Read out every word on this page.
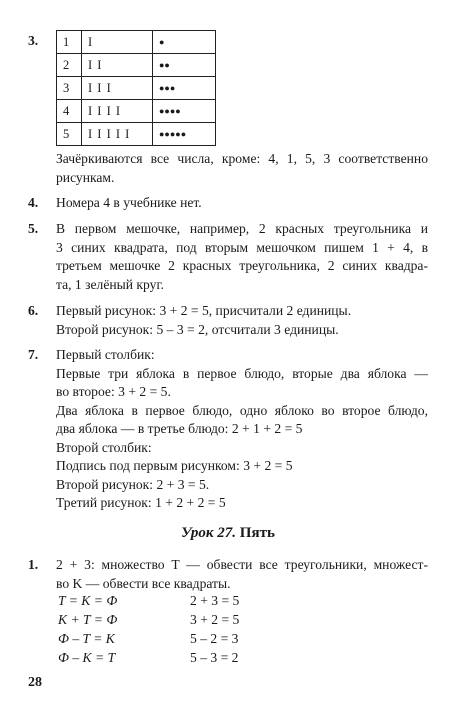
3.	1	I	●
2	I I	●●
3	I I I	●●●
4	I I I I	●●●●
5	I I I I I	●●●●●

Зачёркиваются все числа, кроме: 4, 1, 5, 3 соответственно

рисункам.

4.	Номера 4 в учебнике нет.

5.	В первом мешочке, например, 2 красных треугольника и

3 синих квадрата, под вторым мешочком пишем 1 + 4, в

третьем мешочке 2 красных треугольника, 2 синих квадра-

та, 1 зелёный круг.

6.	Первый рисунок: 3 + 2 = 5, присчитали 2 единицы.

Второй рисунок: 5 – 3 = 2, отсчитали 3 единицы.

7.	Первый столбик:

Первые три яблока в первое блюдо, вторые два яблока —

во второе: 3 + 2 = 5.

Два яблока в первое блюдо, одно яблоко во второе блюдо,

два яблока — в третье блюдо: 2 + 1 + 2 = 5

Второй столбик:

Подпись под первым рисунком: 3 + 2 = 5

Второй рисунок: 2 + 3 = 5.

Третий рисунок: 1 + 2 + 2 = 5

Урок 27. Пять
1.	2 + 3: множество T — обвести все треугольники, множест-

во K — обвести все квадраты.

T = K = Ф	2 + 3 = 5
K + T = Ф	3 + 2 = 5
Ф – T = K	5 – 2 = 3
Ф – K = T	5 – 3 = 2
28
